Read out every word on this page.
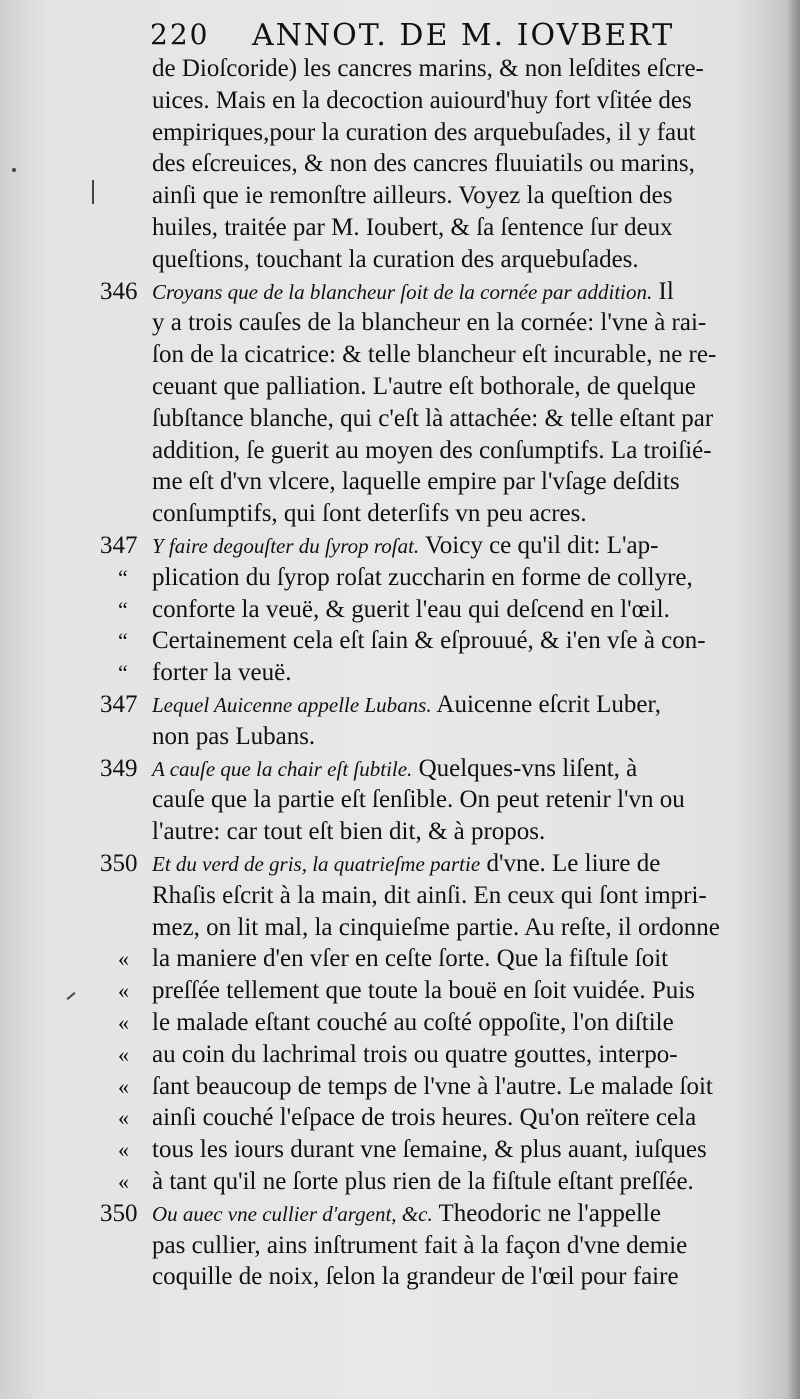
220 ANNOT. DE M. IOVBERT
de Dioſcoride) les cancres marins, & non leſdites eſcre-
uices. Mais en la decoction auiourd'huy fort vſitée des
empiriques,pour la curation des arquebuſades, il y faut
des eſcreuices, & non des cancres fluuiatils ou marins,
ainſi que ie remonſtre ailleurs. Voyez la queſtion des
huiles, traitée par M. Ioubert, & ſa ſentence ſur deux
queſtions, touchant la curation des arquebuſades.
346 Croyans que de la blancheur ſoit de la cornée par addition. Il
y a trois cauſes de la blancheur en la cornée: l'vne à rai-
ſon de la cicatrice: & telle blancheur eſt incurable, ne re-
ceuant que palliation. L'autre eſt bothorale, de quelque
ſubſtance blanche, qui c'eſt là attachée: & telle eſtant par
addition, ſe guerit au moyen des conſumptifs. La troiſié-
me eſt d'vn vlcere, laquelle empire par l'vſage deſdits
conſumptifs, qui ſont deterſifs vn peu acres.
347 Y faire degouſter du ſyrop roſat. Voicy ce qu'il dit: L'ap-
“ plication du ſyrop roſat zuccharin en forme de collyre,
“ conforte la veuë, & guerit l'eau qui deſcend en l'œil.
“ Certainement cela eſt ſain & eſprouué, & i'en vſe à con-
“ forter la veuë.
347 Lequel Auicenne appelle Lubans. Auicenne eſcrit Luber,
non pas Lubans.
349 A cauſe que la chair eſt ſubtile. Quelques-vns liſent, à
cauſe que la partie eſt ſenſible. On peut retenir l'vn ou
l'autre: car tout eſt bien dit, & à propos.
350 Et du verd de gris, la quatrieſme partie d'vne. Le liure de
Rhaſis eſcrit à la main, dit ainſi. En ceux qui ſont impri-
mez, on lit mal, la cinquieſme partie. Au reſte, il ordonne
« la maniere d'en vſer en ceſte ſorte. Que la fiſtule ſoit
« preſſée tellement que toute la bouë en ſoit vuidée. Puis
« le malade eſtant couché au coſté oppoſite, l'on diſtile
« au coin du lachrimal trois ou quatre gouttes, interpo-
« ſant beaucoup de temps de l'vne à l'autre. Le malade ſoit
« ainſi couché l'eſpace de trois heures. Qu'on reïtere cela
« tous les iours durant vne ſemaine, & plus auant, iuſques
« à tant qu'il ne ſorte plus rien de la fiſtule eſtant preſſée.
350 Ou auec vne cullier d'argent, &c. Theodoric ne l'appelle
pas cullier, ains inſtrument fait à la façon d'vne demie
coquille de noix, ſelon la grandeur de l'œil pour faire
